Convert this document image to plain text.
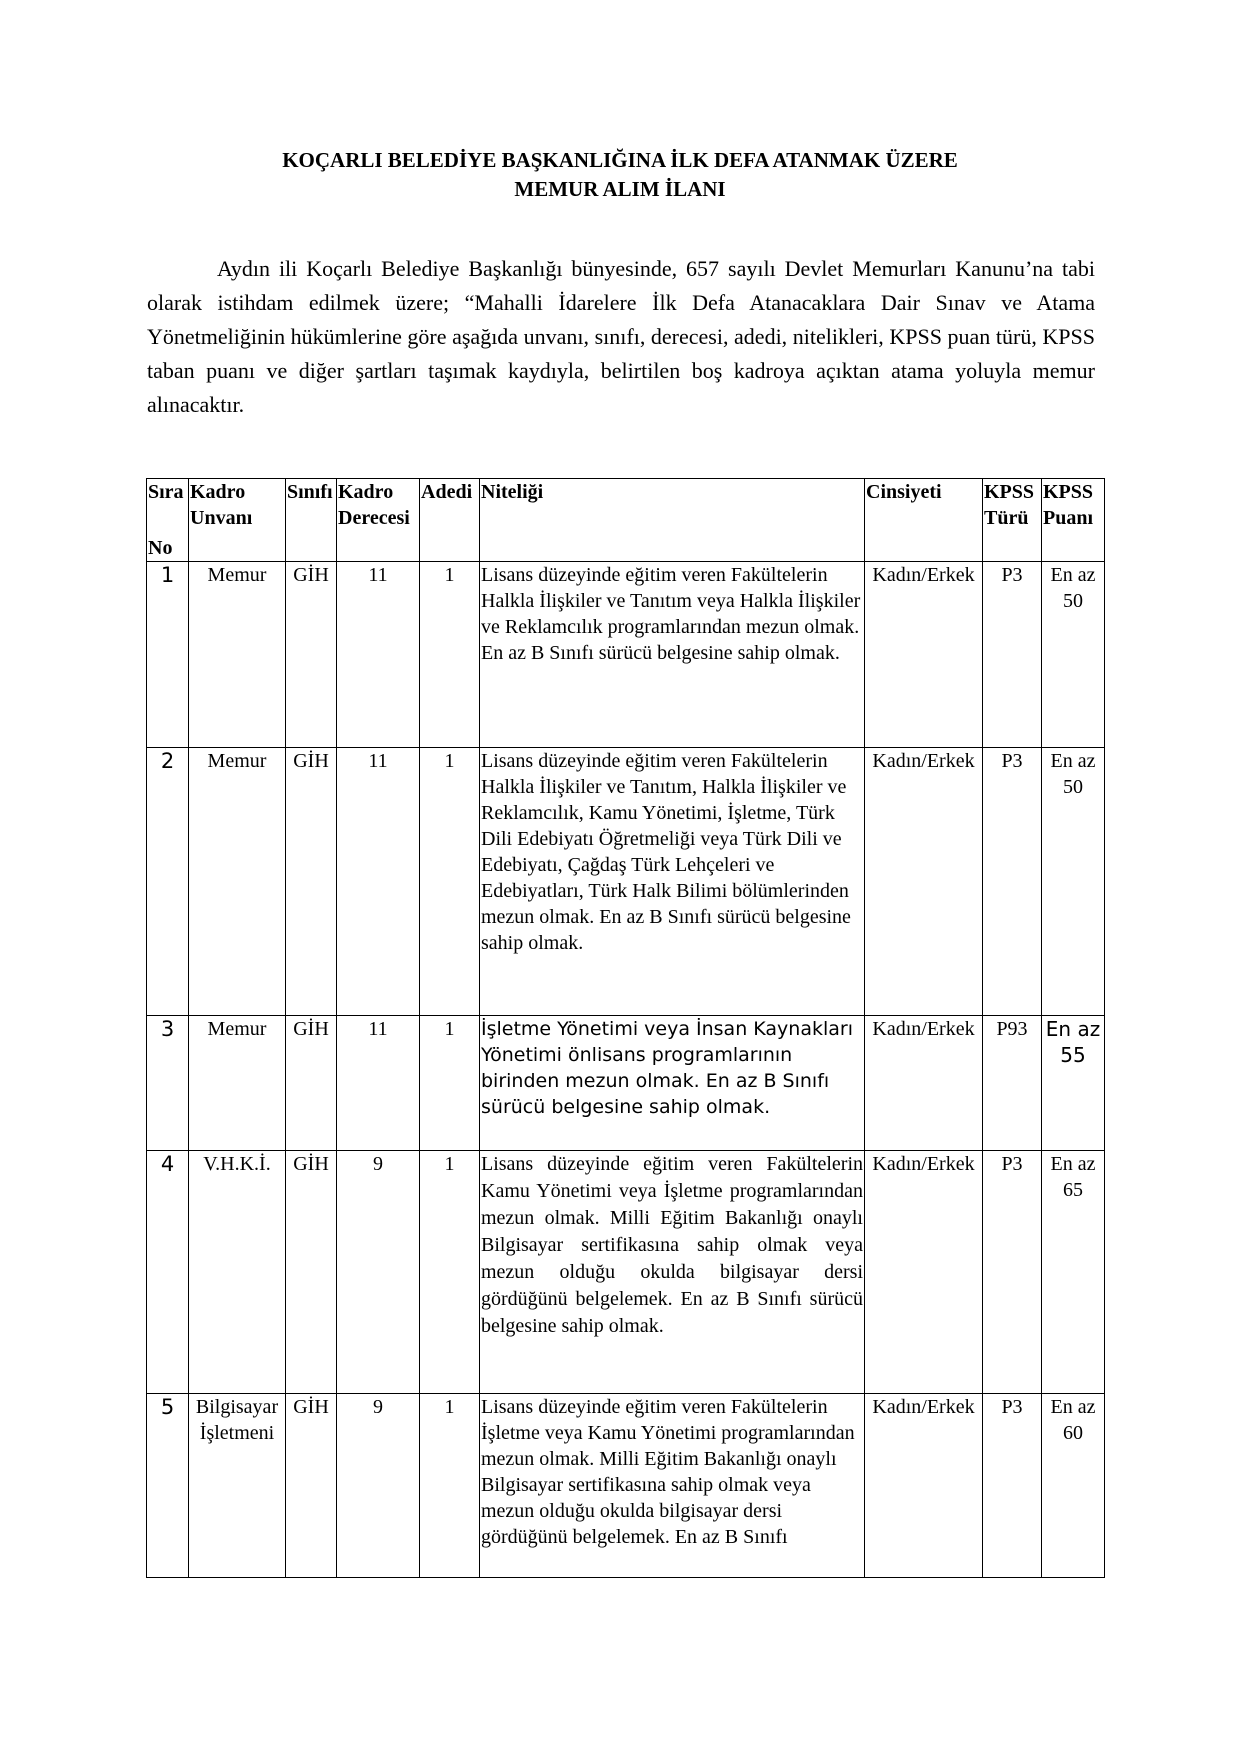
KOÇARLI BELEDİYE BAŞKANLIĞINA İLK DEFA ATANMAK ÜZERE
MEMUR ALIM İLANI

Aydın ili Koçarlı Belediye Başkanlığı bünyesinde, 657 sayılı Devlet Memurları Kanunu’na tabi olarak istihdam edilmek üzere; “Mahalli İdarelere İlk Defa Atanacaklara Dair Sınav ve Atama Yönetmeliğinin hükümlerine göre aşağıda unvanı, sınıfı, derecesi, adedi, nitelikleri, KPSS puan türü, KPSS taban puanı ve diğer şartları taşımak kaydıyla, belirtilen boş kadroya açıktan atama yoluyla memur alınacaktır.

Sıra
No	Kadro Unvanı	Sınıfı	Kadro Derecesi	Adedi	Niteliği	Cinsiyeti	KPSS Türü	KPSS Puanı
1	Memur	GİH	11	1	Lisans düzeyinde eğitim veren Fakültelerin Halkla İlişkiler ve Tanıtım veya Halkla İlişkiler ve Reklamcılık programlarından mezun olmak. En az B Sınıfı sürücü belgesine sahip olmak.	Kadın/Erkek	P3	En az 50
2	Memur	GİH	11	1	Lisans düzeyinde eğitim veren Fakültelerin Halkla İlişkiler ve Tanıtım, Halkla İlişkiler ve Reklamcılık, Kamu Yönetimi, İşletme, Türk Dili Edebiyatı Öğretmeliği veya Türk Dili ve Edebiyatı, Çağdaş Türk Lehçeleri ve Edebiyatları, Türk Halk Bilimi bölümlerinden mezun olmak. En az B Sınıfı sürücü belgesine sahip olmak.	Kadın/Erkek	P3	En az 50
3	Memur	GİH	11	1	İşletme Yönetimi veya İnsan Kaynakları Yönetimi önlisans programlarının birinden mezun olmak. En az B Sınıfı sürücü belgesine sahip olmak.	Kadın/Erkek	P93	En az 55
4	V.H.K.İ.	GİH	9	1	Lisans düzeyinde eğitim veren Fakültelerin Kamu Yönetimi veya İşletme programlarından mezun olmak. Milli Eğitim Bakanlığı onaylı Bilgisayar sertifikasına sahip olmak veya mezun olduğu okulda bilgisayar dersi gördüğünü belgelemek. En az B Sınıfı sürücü belgesine sahip olmak.	Kadın/Erkek	P3	En az 65
5	Bilgisayar İşletmeni	GİH	9	1	Lisans düzeyinde eğitim veren Fakültelerin İşletme veya Kamu Yönetimi programlarından mezun olmak. Milli Eğitim Bakanlığı onaylı Bilgisayar sertifikasına sahip olmak veya mezun olduğu okulda bilgisayar dersi gördüğünü belgelemek. En az B Sınıfı	Kadın/Erkek	P3	En az 60
